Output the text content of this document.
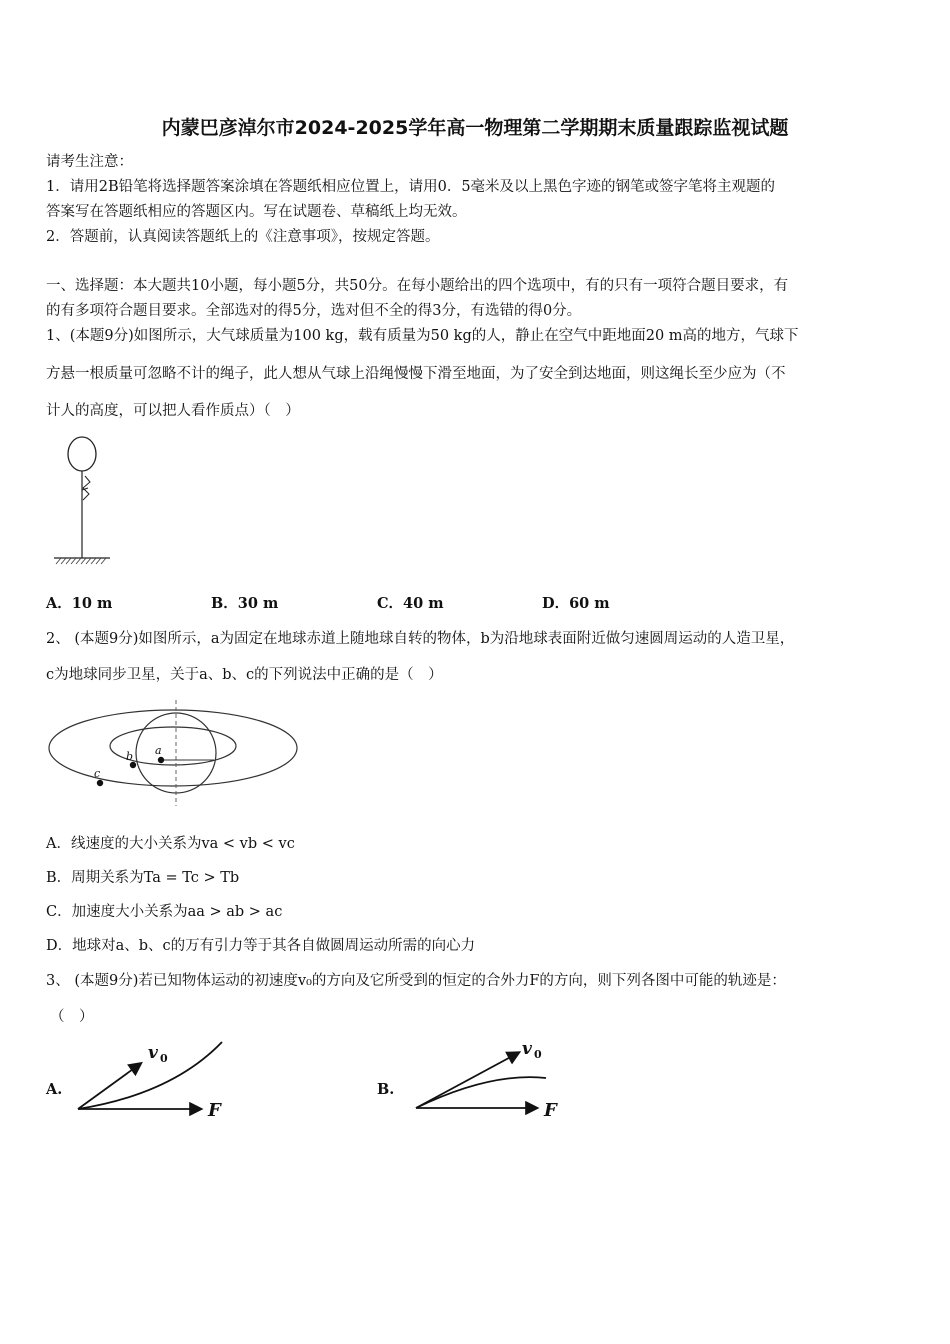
内蒙巴彦淖尔市2024-2025学年高一物理第二学期期末质量跟踪监视试题
请考生注意：
1．请用2B铅笔将选择题答案涂填在答题纸相应位置上，请用0．5毫米及以上黑色字迹的钢笔或签字笔将主观题的
答案写在答题纸相应的答题区内。写在试题卷、草稿纸上均无效。
2．答题前，认真阅读答题纸上的《注意事项》，按规定答题。
一、选择题：本大题共10小题，每小题5分，共50分。在每小题给出的四个选项中，有的只有一项符合题目要求，有
的有多项符合题目要求。全部选对的得5分，选对但不全的得3分，有选错的得0分。
1、(本题9分)如图所示，大气球质量为100 kg，载有质量为50 kg的人，静止在空气中距地面20 m高的地方，气球下
方悬一根质量可忽略不计的绳子，此人想从气球上沿绳慢慢下滑至地面，为了安全到达地面，则这绳长至少应为（不
计人的高度，可以把人看作质点）（　）
A．10 m	B．30 m	C．40 m	D．60 m
2、 (本题9分)如图所示，a为固定在地球赤道上随地球自转的物体，b为沿地球表面附近做匀速圆周运动的人造卫星，
c为地球同步卫星，关于a、b、c的下列说法中正确的是（　）
a
b
c
A．线速度的大小关系为va < vb < vc
B．周期关系为Ta = Tc > Tb
C．加速度大小关系为aa > ab > ac
D．地球对a、b、c的万有引力等于其各自做圆周运动所需的向心力
3、 (本题9分)若已知物体运动的初速度v₀的方向及它所受到的恒定的合外力F的方向，则下列各图中可能的轨迹是：
（　）
A.
v 0
F
B.
v 0
F
